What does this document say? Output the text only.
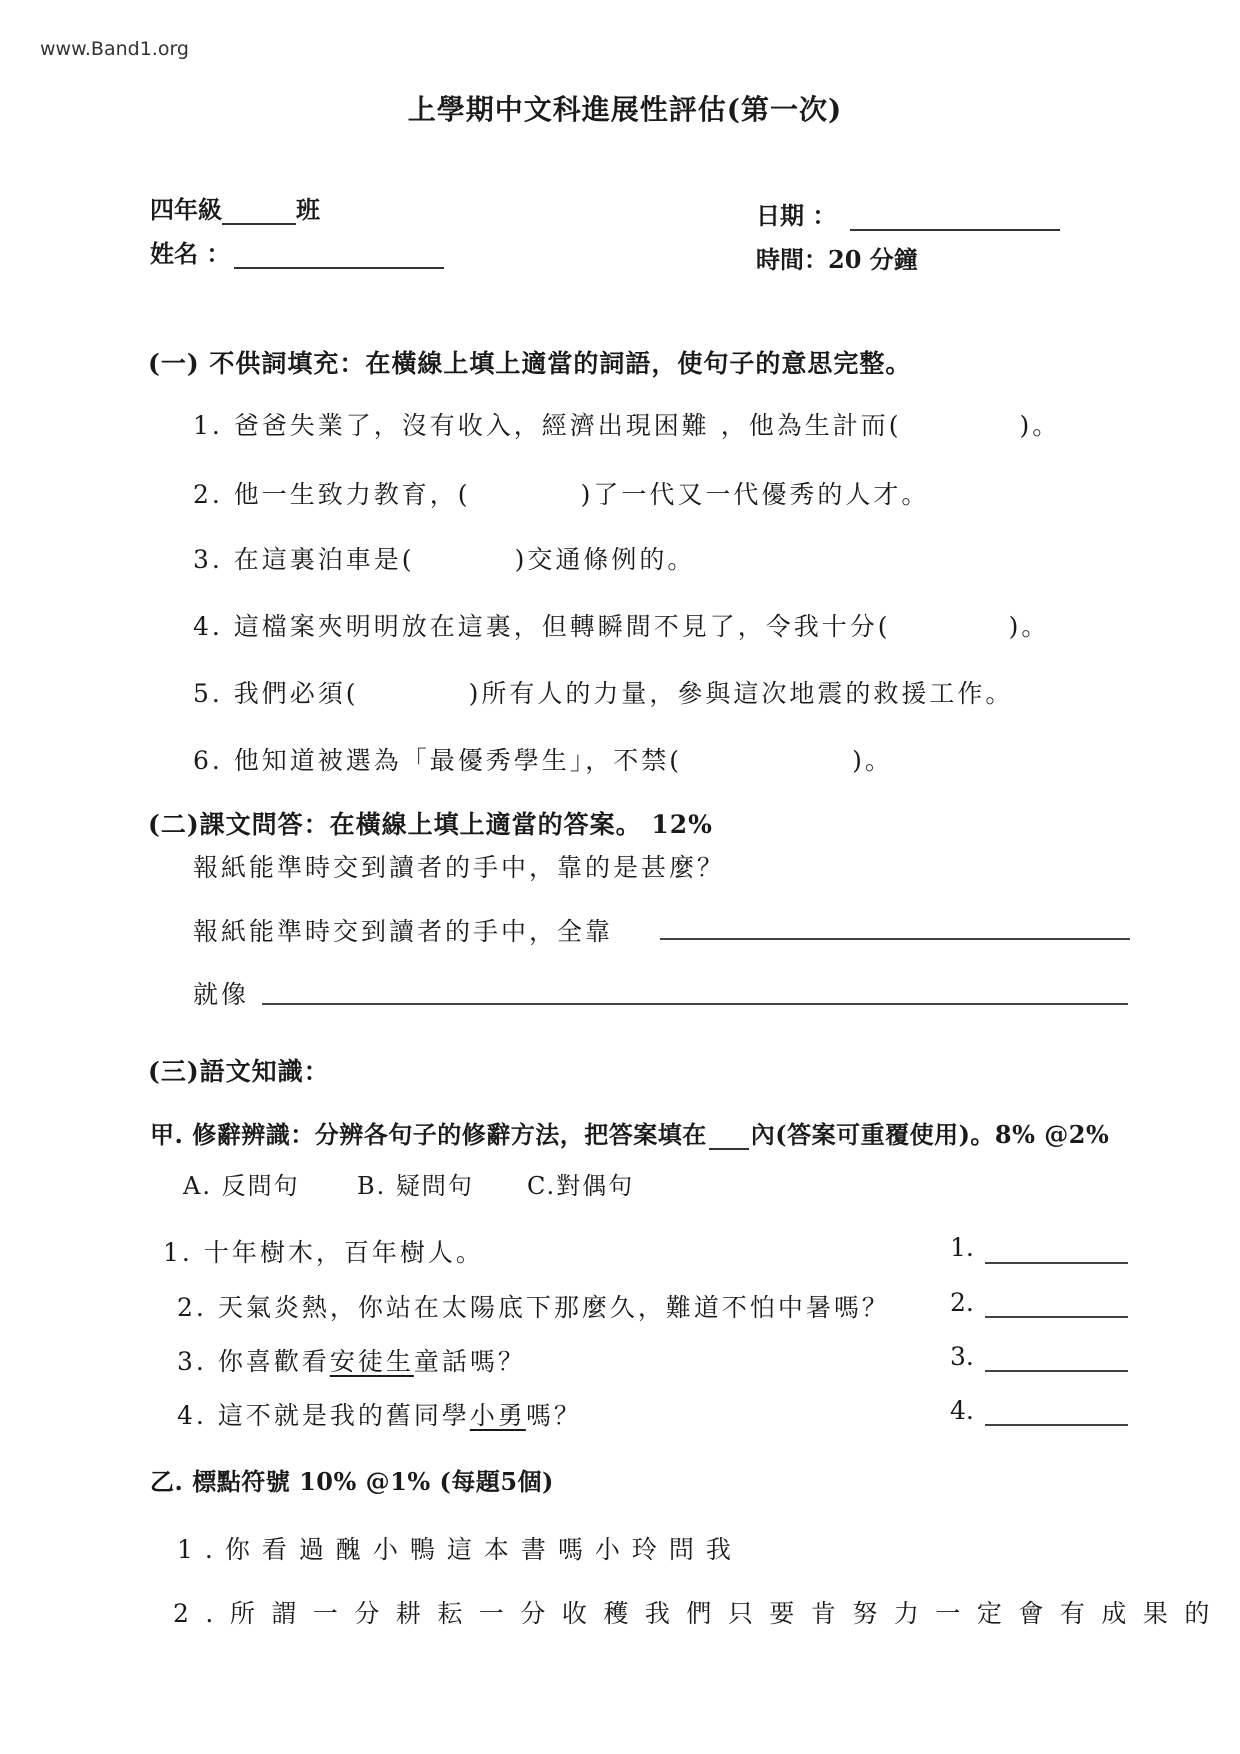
www.Band1.org
上學期中文科進展性評估(第一次)
四年級	班
姓名 ：
日期 ：
時間：20 分鐘
(一) 不供詞填充：在橫線上填上適當的詞語，使句子的意思完整。
1. 爸爸失業了，沒有收入，經濟出現困難 ，他為生計而(	)。
2. 他一生致力教育，(	)了一代又一代優秀的人才。
3. 在這裏泊車是(	)交通條例的。
4. 這檔案夾明明放在這裏，但轉瞬間不見了，令我十分(	)。
5. 我們必須(	)所有人的力量，參與這次地震的救援工作。
6. 他知道被選為「最優秀學生」，不禁(	)。
(二)課文問答：在橫線上填上適當的答案。 12%
報紙能準時交到讀者的手中，靠的是甚麼？
報紙能準時交到讀者的手中，全靠
就像
(三)語文知識：
甲. 修辭辨識：分辨各句子的修辭方法，把答案填在 內(答案可重覆使用)。8% @2%
A. 反問句 B. 疑問句 C.對偶句
1. 十年樹木，百年樹人。
2. 天氣炎熱，你站在太陽底下那麼久，難道不怕中暑嗎？
3. 你喜歡看安徒生童話嗎？
4. 這不就是我的舊同學小勇嗎？
1.
2.
3.
4.
乙. 標點符號 10% @1% (每題5個)
1.你看過醜小鴨這本書嗎小玲問我
2.所謂一分耕耘一分收穫我們只要肯努力一定會有成果的
